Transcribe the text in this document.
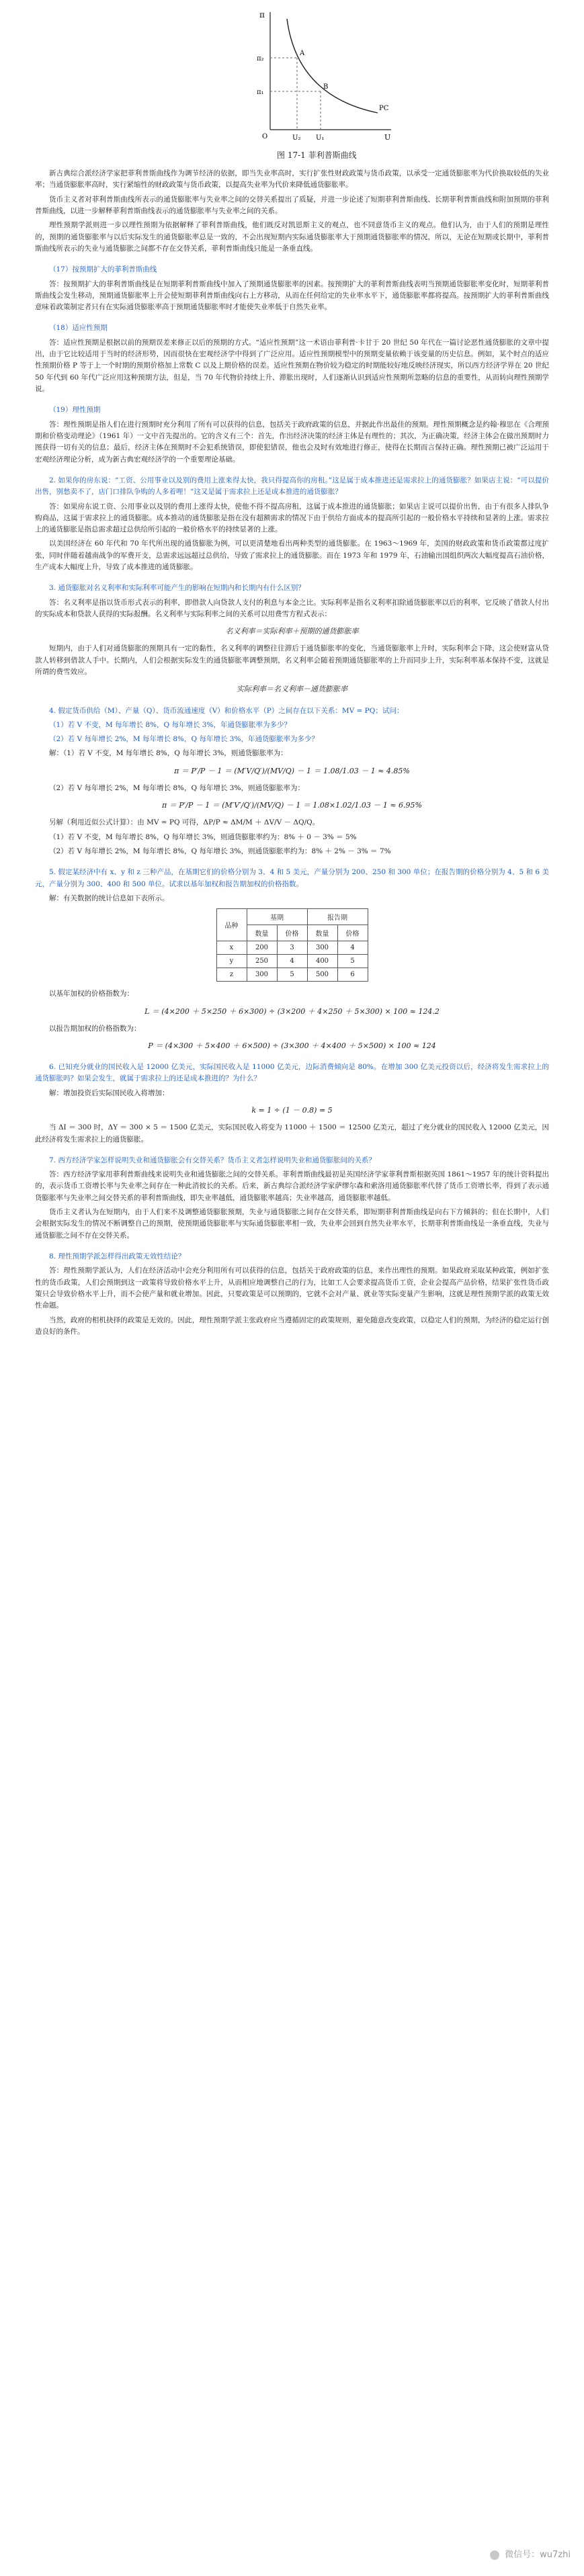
π
π₂
π₁
O	U₂ U₁	U
PC
A
B
图 17-1 菲利普斯曲线

新古典综合派经济学家把菲利普斯曲线作为调节经济的依据，即当失业率高时，实行扩张性财政政策与货币政策，以承受一定通货膨胀率为代价换取较低的失业率；当通货膨胀率高时，实行紧缩性的财政政策与货币政策，以提高失业率为代价来降低通货膨胀率。

货币主义者对菲利普斯曲线所表示的通货膨胀率与失业率之间的交替关系提出了质疑，并进一步论述了短期菲利普斯曲线、长期菲利普斯曲线和附加预期的菲利普斯曲线，以进一步解释菲利普斯曲线表示的通货膨胀率与失业率之间的关系。

理性预期学派则进一步以理性预期为依据解释了菲利普斯曲线，他们既反对凯恩斯主义的观点，也不同意货币主义的观点。他们认为，由于人们的预期是理性的，预期的通货膨胀率与以后实际发生的通货膨胀率总是一致的，不会出现短期内实际通货膨胀率大于预期通货膨胀率的情况，所以，无论在短期或长期中，菲利普斯曲线所表示的失业与通货膨胀之间都不存在交替关系，菲利普斯曲线只能是一条垂直线。

（17）按预期扩大的菲利普斯曲线

答：按预期扩大的菲利普斯曲线是在短期菲利普斯曲线中加入了预期通货膨胀率的因素。按预期扩大的菲利普斯曲线表明当预期通货膨胀率变化时，短期菲利普斯曲线会发生移动，预期通货膨胀率上升会使短期菲利普斯曲线向右上方移动，从而在任何给定的失业率水平下，通货膨胀率都将提高。按预期扩大的菲利普斯曲线意味着政策制定者只有在实际通货膨胀率高于预期通货膨胀率时才能使失业率低于自然失业率。

（18）适应性预期

答：适应性预期是根据以前的预期误差来修正以后的预期的方式。“适应性预期”这一术语由菲利普·卡甘于 20 世纪 50 年代在一篇讨论恶性通货膨胀的文章中提出，由于它比较适用于当时的经济形势，因而很快在宏观经济学中得到了广泛应用。适应性预期模型中的预期变量依赖于该变量的历史信息。例如，某个时点的适应性预期价格 P 等于上一个时期的预期价格加上常数 C 以及上期价格的误差。适应性预期在物价较为稳定的时期能较好地反映经济现实，所以西方经济学界在 20 世纪 50 年代到 60 年代广泛应用这种预期方法，但是，当 70 年代物价持续上升、滞胀出现时，人们逐渐认识到适应性预期所忽略的信息的重要性，从而转向理性预期学说。

（19）理性预期

答：理性预期是指人们在进行预期时充分利用了所有可以获得的信息，包括关于政府政策的信息，并据此作出最佳的预期。理性预期概念是约翰·穆思在《合理预期和价格变动理论》（1961 年）一文中首先提出的。它的含义有三个：首先，作出经济决策的经济主体是有理性的；其次，为正确决策，经济主体会在做出预期时力图获得一切有关的信息；最后，经济主体在预期时不会犯系统错误，即使犯错误，他也会及时有效地进行修正，使得在长期而言保持正确。理性预期已被广泛运用于宏观经济理论分析，成为新古典宏观经济学的一个重要理论基础。

2. 如果你的房东说：“工资、公用事业以及别的费用上涨来得太快，我只得提高你的房租。”这是属于成本推进还是需求拉上的通货膨胀？如果店主说：“可以提价出售，别愁卖不了，店门口排队争购的人多着哩！”这又是属于需求拉上还是成本推进的通货膨胀？

答：如果房东说工资、公用事业以及别的费用上涨得太快，使他不得不提高房租，这属于成本推进的通货膨胀；如果店主说可以提价出售，由于有很多人排队争购商品，这属于需求拉上的通货膨胀。成本推动的通货膨胀是指在没有超额需求的情况下由于供给方面成本的提高所引起的一般价格水平持续和显著的上涨。需求拉上的通货膨胀是指总需求超过总供给所引起的一般价格水平的持续显著的上涨。

以美国经济在 60 年代和 70 年代所出现的通货膨胀为例，可以更清楚地看出两种类型的通货膨胀。在 1963～1969 年，美国的财政政策和货币政策都过度扩张，同时伴随着越南战争的军费开支，总需求远远超过总供给，导致了需求拉上的通货膨胀。而在 1973 年和 1979 年，石油输出国组织两次大幅度提高石油价格，生产成本大幅度上升，导致了成本推进的通货膨胀。

3. 通货膨胀对名义利率和实际利率可能产生的影响在短期内和长期内有什么区别？

答：名义利率是指以货币形式表示的利率，即借款人向贷款人支付的利息与本金之比。实际利率是指名义利率扣除通货膨胀率以后的利率，它反映了借款人付出的实际成本和贷款人获得的实际报酬。名义利率与实际利率之间的关系可以用费雪方程式表示：

名义利率＝实际利率＋预期的通货膨胀率

短期内，由于人们对通货膨胀的预期具有一定的黏性，名义利率的调整往往滞后于通货膨胀率的变化，当通货膨胀率上升时，实际利率会下降，这会使财富从贷款人转移到借款人手中。长期内，人们会根据实际发生的通货膨胀率调整预期，名义利率会随着预期通货膨胀率的上升而同步上升，实际利率基本保持不变，这就是所谓的费雪效应。

实际利率＝名义利率－通货膨胀率

4. 假定货币供给（M）、产量（Q）、货币流通速度（V）和价格水平（P）之间存在以下关系：MV = PQ；试问：

（1）若 V 不变，M 每年增长 8%，Q 每年增长 3%，年通货膨胀率为多少？

（2）若 V 每年增长 2%，M 每年增长 8%，Q 每年增长 3%，年通货膨胀率为多少？

解：（1）若 V 不变，M 每年增长 8%，Q 每年增长 3%，则通货膨胀率为：

π ＝ P′/P － 1 ＝ (M′V/Q′)/(MV/Q) － 1 ＝ 1.08/1.03 － 1 ≈ 4.85%

（2）若 V 每年增长 2%，M 每年增长 8%，Q 每年增长 3%，则通货膨胀率为：

π ＝ P′/P － 1 ＝ (M′V′/Q′)/(MV/Q) － 1 ＝ 1.08×1.02/1.03 － 1 ≈ 6.95%

另解（利用近似公式计算）：由 MV = PQ 可得，ΔP/P ≈ ΔM/M ＋ ΔV/V － ΔQ/Q。

（1）若 V 不变，M 每年增长 8%，Q 每年增长 3%，则通货膨胀率约为：8% ＋ 0 － 3% ＝ 5%

（2）若 V 每年增长 2%，M 每年增长 8%，Q 每年增长 3%，则通货膨胀率约为：8% ＋ 2% － 3% ＝ 7%

5. 假定某经济中有 x、y 和 z 三种产品，在基期它们的价格分别为 3、4 和 5 美元，产量分别为 200、250 和 300 单位；在报告期的价格分别为 4、5 和 6 美元，产量分别为 300、400 和 500 单位。试求以基年加权和报告期加权的价格指数。

解：有关数据的统计信息如下表所示。

品种	基期		报告期	
	数量	价格	数量	价格
x	200	3	300	4
y	250	4	400	5
z	300	5	500	6

以基年加权的价格指数为：

L ＝ (4×200 ＋ 5×250 ＋ 6×300) ÷ (3×200 ＋ 4×250 ＋ 5×300) × 100 ≈ 124.2

以报告期加权的价格指数为：

P ＝ (4×300 ＋ 5×400 ＋ 6×500) ÷ (3×300 ＋ 4×400 ＋ 5×500) × 100 ≈ 124

6. 已知充分就业的国民收入是 12000 亿美元，实际国民收入是 11000 亿美元，边际消费倾向是 80%。在增加 300 亿美元投资以后，经济将发生需求拉上的通货膨胀吗？如果会发生，就属于需求拉上的还是成本推进的？为什么？

解：增加投资后实际国民收入将增加：

k = 1 ÷ (1 － 0.8) = 5

当 ΔI ＝ 300 时，ΔY ＝ 300 × 5 ＝ 1500 亿美元，实际国民收入将变为 11000 ＋ 1500 ＝ 12500 亿美元，超过了充分就业的国民收入 12000 亿美元，因此经济将发生需求拉上的通货膨胀。

7. 西方经济学家怎样说明失业和通货膨胀会有交替关系？货币主义者怎样说明失业和通货膨胀间的关系？

答：西方经济学家用菲利普斯曲线来说明失业和通货膨胀之间的交替关系。菲利普斯曲线最初是英国经济学家菲利普斯根据英国 1861～1957 年的统计资料提出的，表示货币工资增长率与失业率之间存在一种此消彼长的关系。后来，新古典综合派经济学家萨缪尔森和索洛用通货膨胀率代替了货币工资增长率，得到了表示通货膨胀率与失业率之间交替关系的菲利普斯曲线，即失业率越低，通货膨胀率越高；失业率越高，通货膨胀率越低。

货币主义者认为在短期内，由于人们来不及调整通货膨胀预期，失业与通货膨胀之间存在交替关系，即短期菲利普斯曲线是向右下方倾斜的；但在长期中，人们会根据实际发生的情况不断调整自己的预期，使预期通货膨胀率与实际通货膨胀率相一致，失业率会回到自然失业率水平，长期菲利普斯曲线是一条垂直线，失业与通货膨胀之间不存在交替关系。

8. 理性预期学派怎样得出政策无效性结论？

答：理性预期学派认为，人们在经济活动中会充分利用所有可以获得的信息，包括关于政府政策的信息，来作出理性的预期。如果政府采取某种政策，例如扩张性的货币政策，人们会预期到这一政策将导致价格水平上升，从而相应地调整自己的行为，比如工人会要求提高货币工资，企业会提高产品价格，结果扩张性货币政策只会导致价格水平上升，而不会使产量和就业增加。因此，只要政策是可以预期的，它就不会对产量、就业等实际变量产生影响，这就是理性预期学派的政策无效性命题。

当然，政府的相机抉择的政策是无效的。因此，理性预期学派主张政府应当遵循固定的政策规则，避免随意改变政策，以稳定人们的预期，为经济的稳定运行创造良好的条件。

微信号：wu7zhi
